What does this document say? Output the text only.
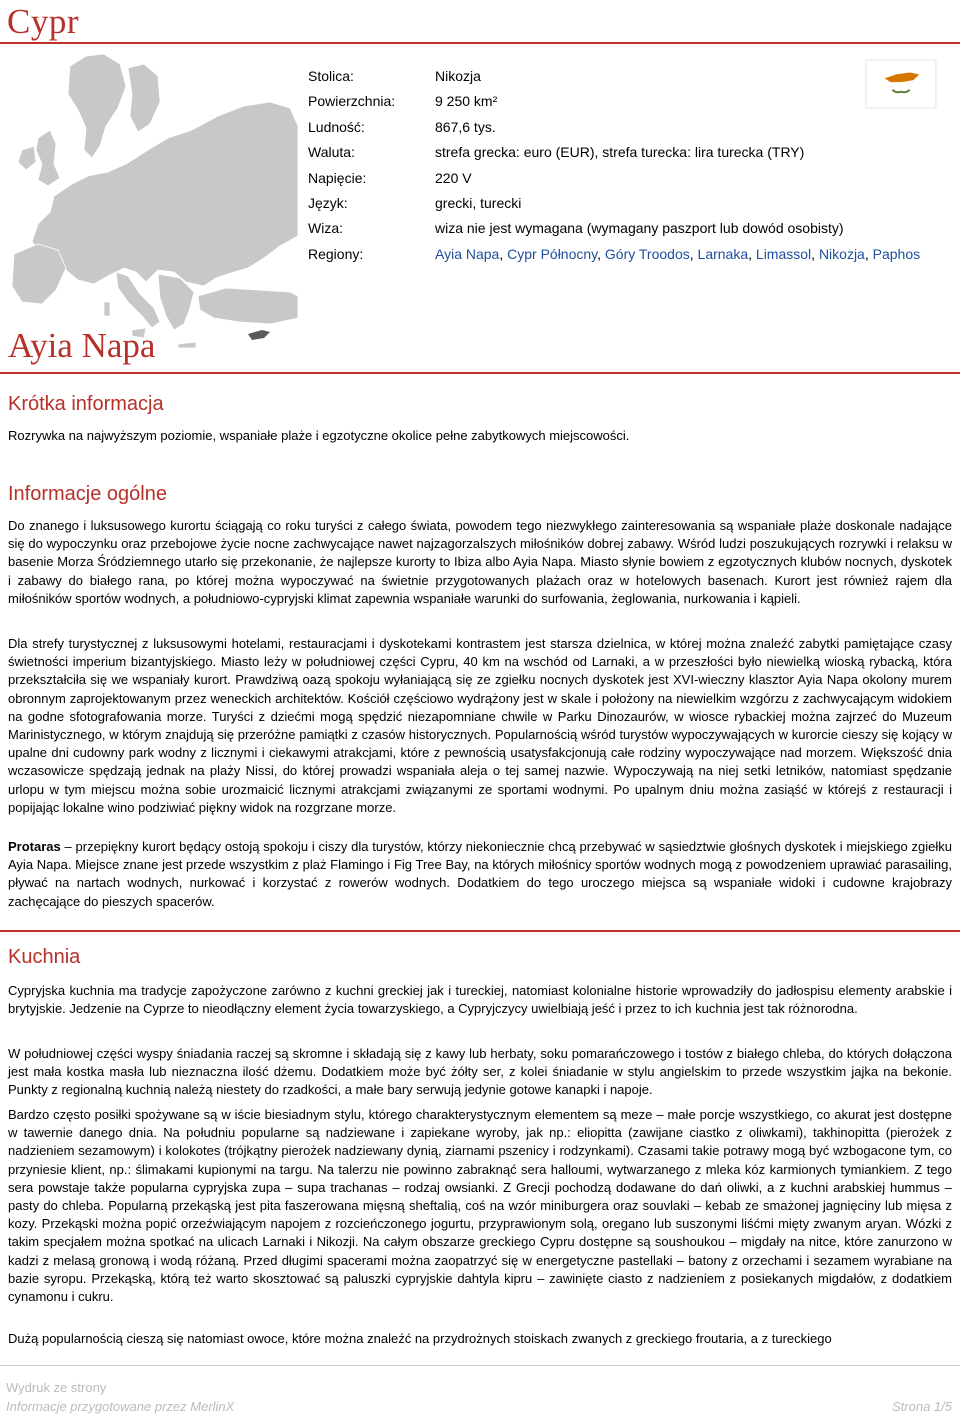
Cypr
Stolica:	Nikozja
Powierzchnia:	9 250 km²
Ludność:	867,6 tys.
Waluta:	strefa grecka: euro (EUR), strefa turecka: lira turecka (TRY)
Napięcie:	220 V
Język:	grecki, turecki
Wiza:	wiza nie jest wymagana (wymagany paszport lub dowód osobisty)
Regiony:	Ayia Napa, Cypr Północny, Góry Troodos, Larnaka, Limassol, Nikozja, Paphos
Ayia Napa
Krótka informacja

Rozrywka na najwyższym poziomie, wspaniałe plaże i egzotyczne okolice pełne zabytkowych miejscowości.

Informacje ogólne

Do znanego i luksusowego kurortu ściągają co roku turyści z całego świata, powodem tego niezwykłego zainteresowania są wspaniałe plaże doskonale nadające się do wypoczynku oraz przebojowe życie nocne zachwycające nawet najzagorzalszych miłośników dobrej zabawy. Wśród ludzi poszukujących rozrywki i relaksu w basenie Morza Śródziemnego utarło się przekonanie, że najlepsze kurorty to Ibiza albo Ayia Napa. Miasto słynie bowiem z egzotycznych klubów nocnych, dyskotek i zabawy do białego rana, po której można wypoczywać na świetnie przygotowanych plażach oraz w hotelowych basenach. Kurort jest również rajem dla miłośników sportów wodnych, a południowo-cypryjski klimat zapewnia wspaniałe warunki do surfowania, żeglowania, nurkowania i kąpieli.

Dla strefy turystycznej z luksusowymi hotelami, restauracjami i dyskotekami kontrastem jest starsza dzielnica, w której można znaleźć zabytki pamiętające czasy świetności imperium bizantyjskiego. Miasto leży w południowej części Cypru, 40 km na wschód od Larnaki, a w przeszłości było niewielką wioską rybacką, która przekształciła się we wspaniały kurort. Prawdziwą oazą spokoju wyłaniającą się ze zgiełku nocnych dyskotek jest XVI-wieczny klasztor Ayia Napa okolony murem obronnym zaprojektowanym przez weneckich architektów. Kościół częściowo wydrążony jest w skale i położony na niewielkim wzgórzu z zachwycającym widokiem na godne sfotografowania morze. Turyści z dziećmi mogą spędzić niezapomniane chwile w Parku Dinozaurów, w wiosce rybackiej można zajrzeć do Muzeum Marinistycznego, w którym znajdują się przeróżne pamiątki z czasów historycznych. Popularnością wśród turystów wypoczywających w kurorcie cieszy się kojący w upalne dni cudowny park wodny z licznymi i ciekawymi atrakcjami, które z pewnością usatysfakcjonują całe rodziny wypoczywające nad morzem. Większość dnia wczasowicze spędzają jednak na plaży Nissi, do której prowadzi wspaniała aleja o tej samej nazwie. Wypoczywają na niej setki letników, natomiast spędzanie urlopu w tym miejscu można sobie urozmaicić licznymi atrakcjami związanymi ze sportami wodnymi. Po upalnym dniu można zasiąść w którejś z restauracji i popijając lokalne wino podziwiać piękny widok na rozgrzane morze.

Protaras – przepiękny kurort będący ostoją spokoju i ciszy dla turystów, którzy niekoniecznie chcą przebywać w sąsiedztwie głośnych dyskotek i miejskiego zgiełku Ayia Napa. Miejsce znane jest przede wszystkim z plaż Flamingo i Fig Tree Bay, na których miłośnicy sportów wodnych mogą z powodzeniem uprawiać parasailing, pływać na nartach wodnych, nurkować i korzystać z rowerów wodnych. Dodatkiem do tego uroczego miejsca są wspaniałe widoki i cudowne krajobrazy zachęcające do pieszych spacerów.

Kuchnia

Cypryjska kuchnia ma tradycje zapożyczone zarówno z kuchni greckiej jak i tureckiej, natomiast kolonialne historie wprowadziły do jadłospisu elementy arabskie i brytyjskie. Jedzenie na Cyprze to nieodłączny element życia towarzyskiego, a Cypryjczycy uwielbiają jeść i przez to ich kuchnia jest tak różnorodna.

W południowej części wyspy śniadania raczej są skromne i składają się z kawy lub herbaty, soku pomarańczowego i tostów z białego chleba, do których dołączona jest mała kostka masła lub nieznaczna ilość dżemu. Dodatkiem może być żółty ser, z kolei śniadanie w stylu angielskim to przede wszystkim jajka na bekonie. Punkty z regionalną kuchnią należą niestety do rzadkości, a małe bary serwują jedynie gotowe kanapki i napoje.

Bardzo często posiłki spożywane są w iście biesiadnym stylu, którego charakterystycznym elementem są meze – małe porcje wszystkiego, co akurat jest dostępne w tawernie danego dnia. Na południu popularne są nadziewane i zapiekane wyroby, jak np.: eliopitta (zawijane ciastko z oliwkami), takhinopitta (pierożek z nadzieniem sezamowym) i kolokotes (trójkątny pierożek nadziewany dynią, ziarnami pszenicy i rodzynkami). Czasami takie potrawy mogą być wzbogacone tym, co przyniesie klient, np.: ślimakami kupionymi na targu. Na talerzu nie powinno zabraknąć sera halloumi, wytwarzanego z mleka kóz karmionych tymiankiem. Z tego sera powstaje także popularna cypryjska zupa – supa trachanas – rodzaj owsianki. Z Grecji pochodzą dodawane do dań oliwki, a z kuchni arabskiej hummus – pasty do chleba. Popularną przekąską jest pita faszerowana mięsną sheftalią, coś na wzór miniburgera oraz souvlaki – kebab ze smażonej jagnięciny lub mięsa z kozy. Przekąski można popić orzeźwiającym napojem z rozcieńczonego jogurtu, przyprawionym solą, oregano lub suszonymi liśćmi mięty zwanym aryan. Wózki z takim specjałem można spotkać na ulicach Larnaki i Nikozji. Na całym obszarze greckiego Cypru dostępne są soushoukou – migdały na nitce, które zanurzono w kadzi z melasą gronową i wodą różaną. Przed długimi spacerami można zaopatrzyć się w energetyczne pastellaki – batony z orzechami i sezamem wyrabiane na bazie syropu. Przekąską, którą też warto skosztować są paluszki cypryjskie dahtyla kipru – zawinięte ciasto z nadzieniem z posiekanych migdałów, z dodatkiem cynamonu i cukru.

Dużą popularnością cieszą się natomiast owoce, które można znaleźć na przydrożnych stoiskach zwanych z greckiego froutaria, a z tureckiego

Wydruk ze strony
Informacje przygotowane przez MerlinX	Strona 1/5
